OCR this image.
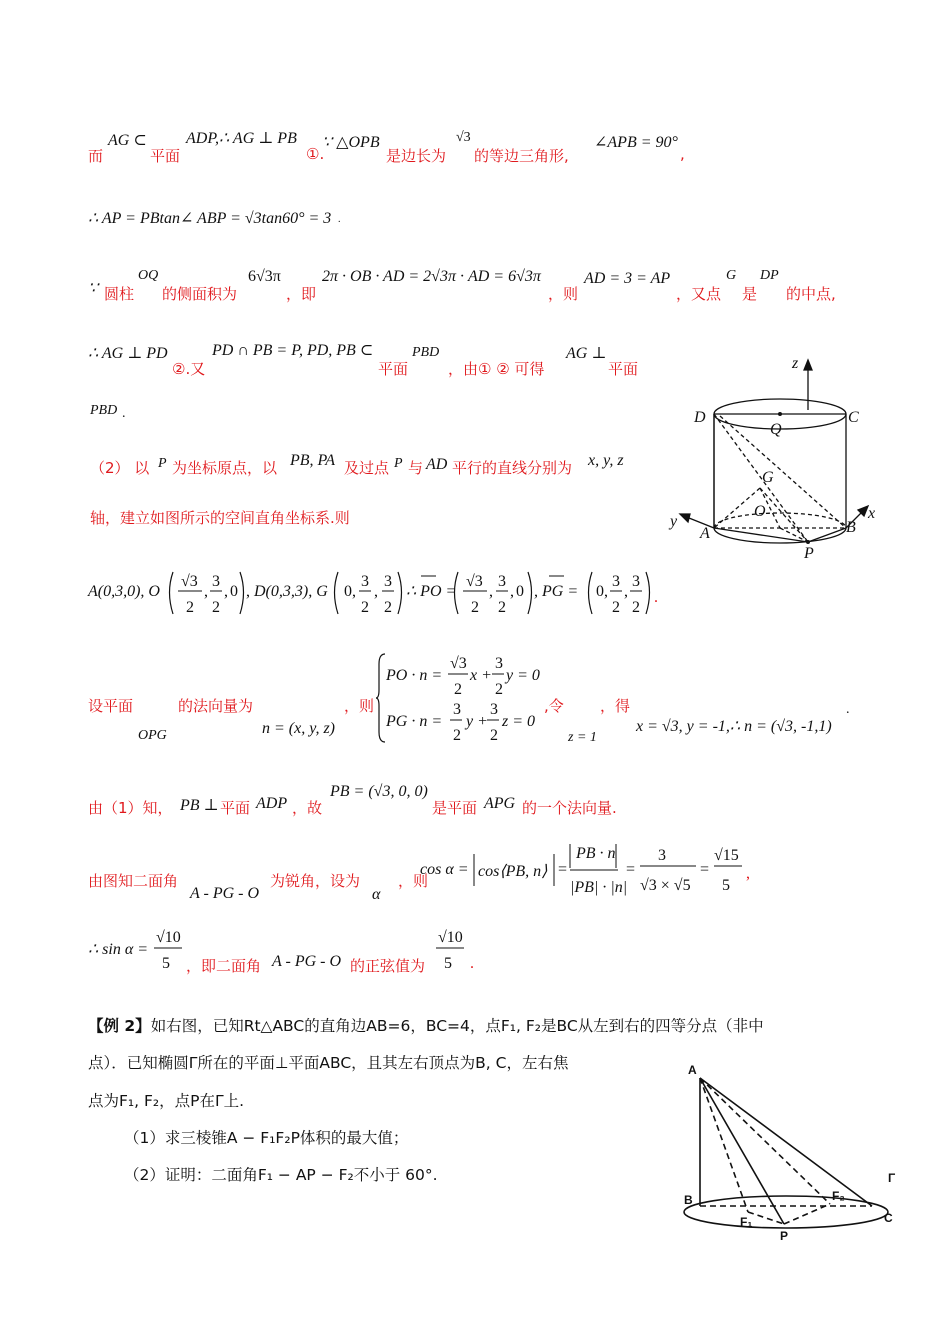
而
AG ⊂
平面
ADP,∴ AG ⊥ PB
①.
∵ △OPB
是边长为
√3
的等边三角形,
∠APB = 90°
,
∴ AP = PBtan∠ ABP = √3tan60° = 3 .
∵ 圆柱
OQ
的侧面积为
6√3π
，即
2π · OB · AD = 2√3π · AD = 6√3π
，则
AD = 3 = AP
，又点
G
是
DP
的中点,
∴ AG ⊥ PD
②.又
PD ∩ PB = P, PD, PB ⊂
平面
PBD
，由① ② 可得
AG ⊥
平面
PBD .
（2） 以 P 为坐标原点，以 PB, PA 及过点 P 与 AD 平行的直线分别为 x, y, z
轴，建立如图所示的空间直角坐标系.则
A(0,3,0), O
√3
2
,
3
2
, 0 , D(0,3,3), G 0 ,
3
2
,
3
2
∴ PO =
√3
2
,
3
2
, 0 , PG = 0 ,
3
2
,
3
2
.
设平面
OPG
的法向量为
n = (x, y, z)
，则
PO · n =
√3
2
x +
3
2
y = 0
PG · n =
3
2
y +
3
2
z = 0
,令
z = 1
，得
x = √3, y = -1,∴ n = (√3, -1,1)
.
由（1）知， PB ⊥ 平面 ADP ，故
PB = (√3, 0, 0)
是平面 APG 的一个法向量.
由图知二面角
A - PG - O
为锐角，设为
α
，则
cos α = cos⟨PB, n⟩ =
PB · n
|PB| · |n|
=
3
√3 × √5
=
√15
5
,
∴ sin α =
√10
5
√10
5 .
，即二面角 A - PG - O 的正弦值为
【例 2】如右图，已知Rt△ABC的直角边AB=6，BC=4，点F₁, F₂是BC从左到右的四等分点（非中
点）．已知椭圆Γ所在的平面⊥平面ABC，且其左右顶点为B, C，左右焦
点为F₁, F₂，点P在Γ上.
（1）求三棱锥A − F₁F₂P体积的最大值；
（2）证明：二面角F₁ − AP − F₂不小于 60°.
z
D	C
Q
G
O
y
A	B
x
P
A
B
F₁
F₂
Γ
C
P
